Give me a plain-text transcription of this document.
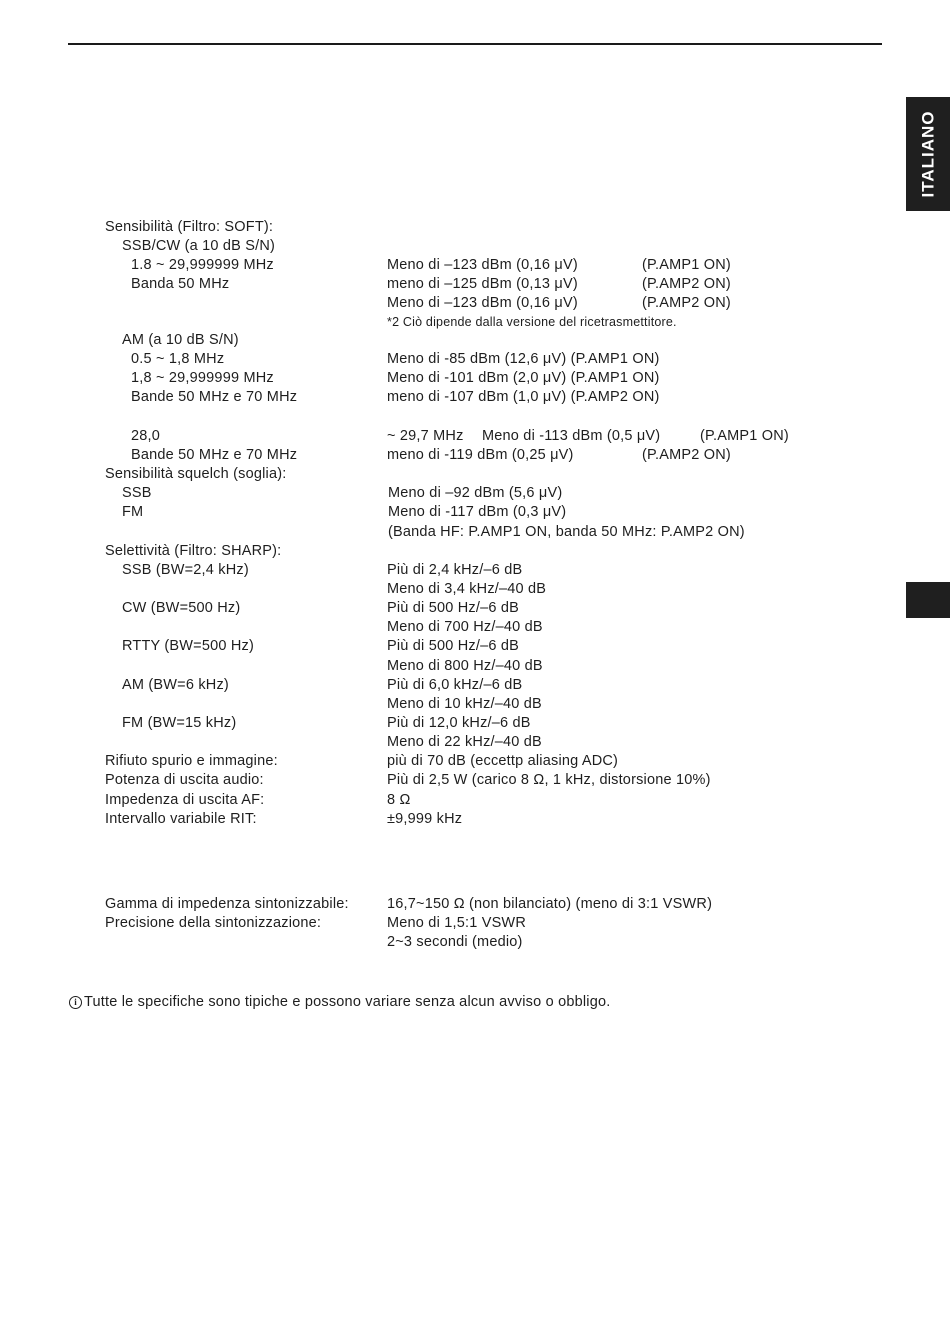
ITALIANO
Sensibilità (Filtro: SOFT):
SSB/CW (a 10 dB S/N)
1.8 ~ 29,999999 MHz	Meno di –123 dBm (0,16 μV)	(P.AMP1 ON)
Banda 50 MHz	meno di –125 dBm (0,13 μV)	(P.AMP2 ON)
Meno di –123 dBm (0,16 μV)	(P.AMP2 ON)
*2 Ciò dipende dalla versione del ricetrasmettitore.
AM (a 10 dB S/N)
0.5 ~ 1,8 MHz	Meno di -85 dBm (12,6 μV) (P.AMP1 ON)
1,8 ~ 29,999999 MHz	Meno di -101 dBm (2,0 μV) (P.AMP1 ON)
Bande 50 MHz e 70 MHz	meno di -107 dBm (1,0 μV) (P.AMP2 ON)
28,0	~ 29,7 MHz Meno di -113 dBm (0,5 μV)	(P.AMP1 ON)
Bande 50 MHz e 70 MHz	meno di -119 dBm (0,25 μV)	(P.AMP2 ON)
Sensibilità squelch (soglia):
SSB	Meno di –92 dBm (5,6 μV)
FM	Meno di -117 dBm (0,3 μV)
(Banda HF: P.AMP1 ON, banda 50 MHz: P.AMP2 ON)
Selettività (Filtro: SHARP):
SSB (BW=2,4 kHz)	Più di 2,4 kHz/–6 dB
Meno di 3,4 kHz/–40 dB
CW (BW=500 Hz)	Più di 500 Hz/–6 dB
Meno di 700 Hz/–40 dB
RTTY (BW=500 Hz)	Più di 500 Hz/–6 dB
Meno di 800 Hz/–40 dB
AM (BW=6 kHz)	Più di 6,0 kHz/–6 dB
Meno di 10 kHz/–40 dB
FM (BW=15 kHz)	Più di 12,0 kHz/–6 dB
Meno di 22 kHz/–40 dB
Rifiuto spurio e immagine:	più di 70 dB (eccettp aliasing ADC)
Potenza di uscita audio:	Più di 2,5 W (carico 8 Ω, 1 kHz, distorsione 10%)
Impedenza di uscita AF:	8 Ω
Intervallo variabile RIT:	±9,999 kHz
Gamma di impedenza sintonizzabile:	16,7~150 Ω (non bilanciato) (meno di 3:1 VSWR)
Precisione della sintonizzazione:	Meno di 1,5:1 VSWR
2~3 secondi (medio)
i Tutte le specifiche sono tipiche e possono variare senza alcun avviso o obbligo.
